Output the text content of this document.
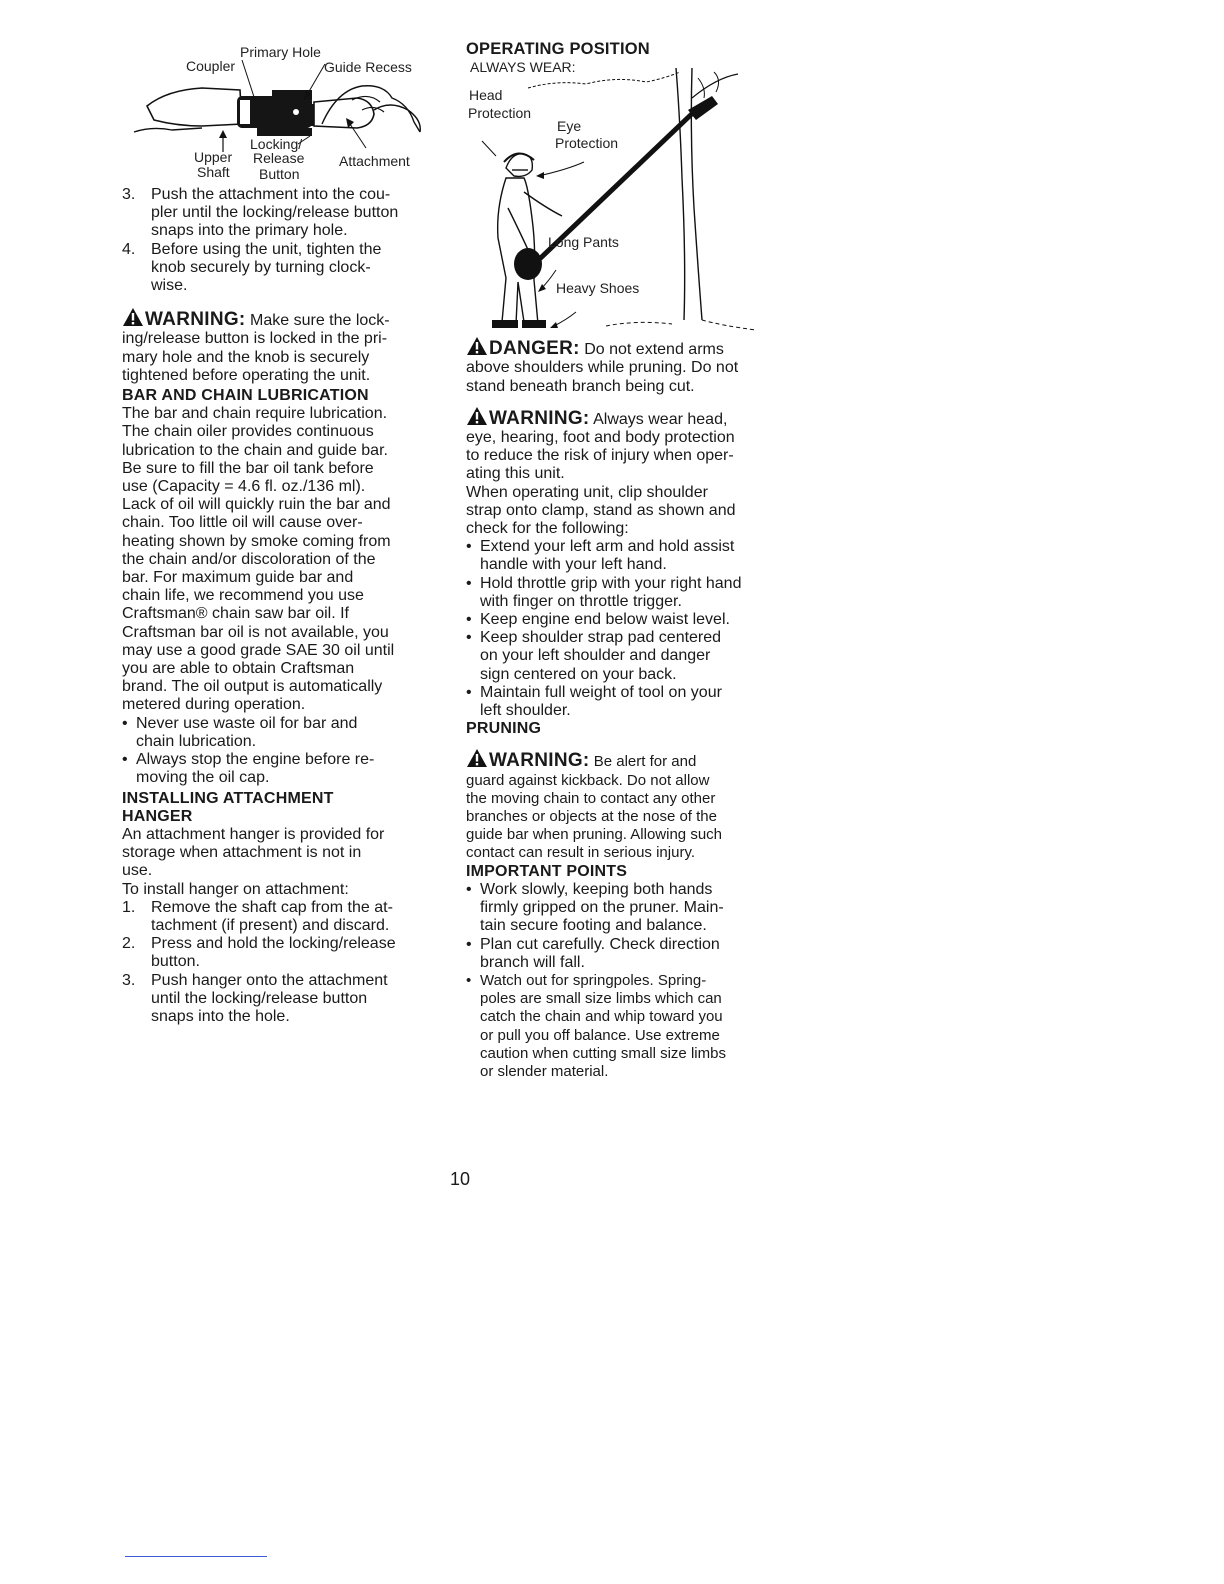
Primary Hole
Coupler	Guide Recess
Locking/
Release
Button
Upper
Shaft
Attachment
3. Push the attachment into the cou-
pler until the locking/release button
snaps into the primary hole.
4. Before using the unit, tighten the
knob securely by turning clock-
wise.

WARNING: Make sure the lock-
ing/release button is locked in the pri-
mary hole and the knob is securely
tightened before operating the unit.

BAR AND CHAIN LUBRICATION

The bar and chain require lubrication.
The chain oiler provides continuous
lubrication to the chain and guide bar.
Be sure to fill the bar oil tank before
use (Capacity = 4.6 fl. oz./136 ml).
Lack of oil will quickly ruin the bar and
chain. Too little oil will cause over-
heating shown by smoke coming from
the chain and/or discoloration of the
bar. For maximum guide bar and
chain life, we recommend you use
Craftsman® chain saw bar oil. If
Craftsman bar oil is not available, you
may use a good grade SAE 30 oil until
you are able to obtain Craftsman
brand. The oil output is automatically
metered during operation.

• Never use waste oil for bar and
chain lubrication.
• Always stop the engine before re-
moving the oil cap.

INSTALLING ATTACHMENT
HANGER

An attachment hanger is provided for
storage when attachment is not in
use.
To install hanger on attachment:

1. Remove the shaft cap from the at-
tachment (if present) and discard.
2. Press and hold the locking/release
button.
3. Push hanger onto the attachment
until the locking/release button
snaps into the hole.

OPERATING POSITION

ALWAYS WEAR:
Head
Protection
Eye
Protection
Long Pants
Heavy Shoes

DANGER: Do not extend arms
above shoulders while pruning. Do not
stand beneath branch being cut.

WARNING: Always wear head,
eye, hearing, foot and body protection
to reduce the risk of injury when oper-
ating this unit.

When operating unit, clip shoulder
strap onto clamp, stand as shown and
check for the following:

• Extend your left arm and hold assist
handle with your left hand.
• Hold throttle grip with your right hand
with finger on throttle trigger.
• Keep engine end below waist level.
• Keep shoulder strap pad centered
on your left shoulder and danger
sign centered on your back.
• Maintain full weight of tool on your
left shoulder.

PRUNING

WARNING: Be alert for and
guard against kickback. Do not allow
the moving chain to contact any other
branches or objects at the nose of the
guide bar when pruning. Allowing such
contact can result in serious injury.

IMPORTANT POINTS

• Work slowly, keeping both hands
firmly gripped on the pruner. Main-
tain secure footing and balance.
• Plan cut carefully. Check direction
branch will fall.
• Watch out for springpoles. Spring-
poles are small size limbs which can
catch the chain and whip toward you
or pull you off balance. Use extreme
caution when cutting small size limbs
or slender material.
10
